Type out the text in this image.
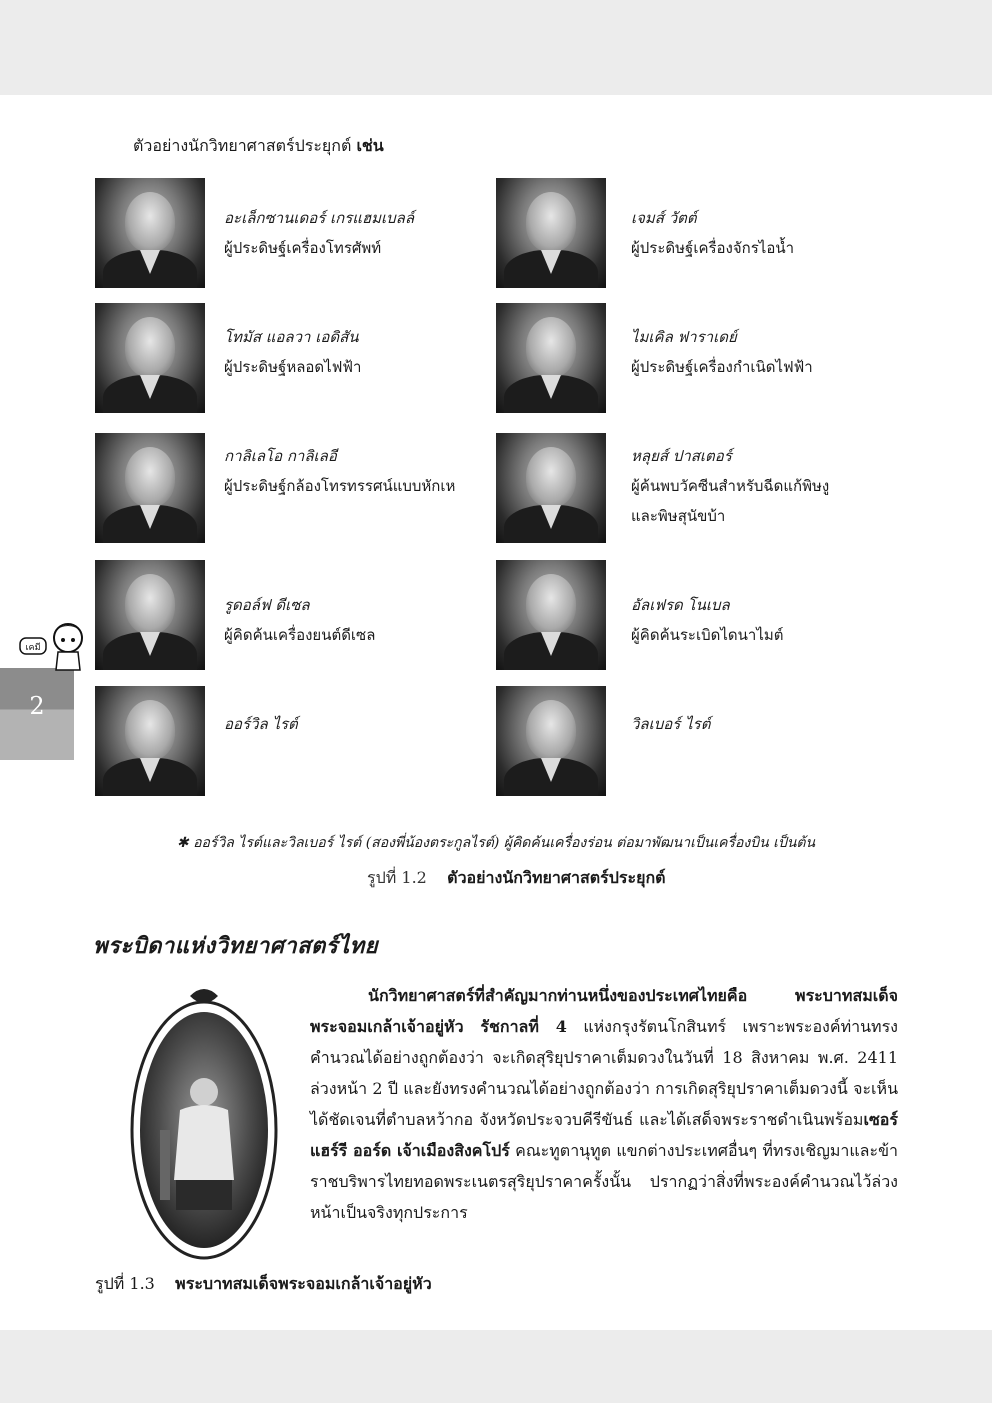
ตัวอย่างนักวิทยาศาสตร์ประยุกต์ เช่น
อะเล็กซานเดอร์ เกรแฮมเบลล์
ผู้ประดิษฐ์เครื่องโทรศัพท์
เจมส์ วัตต์
ผู้ประดิษฐ์เครื่องจักรไอน้ำ
โทมัส แอลวา เอดิสัน
ผู้ประดิษฐ์หลอดไฟฟ้า
ไมเคิล ฟาราเดย์
ผู้ประดิษฐ์เครื่องกำเนิดไฟฟ้า
กาลิเลโอ กาลิเลอี
ผู้ประดิษฐ์กล้องโทรทรรศน์แบบหักเห
หลุยส์ ปาสเตอร์
ผู้ค้นพบวัคซีนสำหรับฉีดแก้พิษงู
และพิษสุนัขบ้า
รูดอล์ฟ ดีเซล
ผู้คิดค้นเครื่องยนต์ดีเซล
อัลเฟรด โนเบล
ผู้คิดค้นระเบิดไดนาไมต์
ออร์วิล ไรต์	วิลเบอร์ ไรต์
2
เคมี
✱ ออร์วิล ไรต์และวิลเบอร์ ไรต์ (สองพี่น้องตระกูลไรต์) ผู้คิดค้นเครื่องร่อน ต่อมาพัฒนาเป็นเครื่องบิน เป็นต้น
รูปที่ 1.2 ตัวอย่างนักวิทยาศาสตร์ประยุกต์
พระบิดาแห่งวิทยาศาสตร์ไทย
นักวิทยาศาสตร์ที่สำคัญมากท่านหนึ่งของประเทศไทยคือ พระบาทสมเด็จพระจอมเกล้าเจ้าอยู่หัว รัชกาลที่ 4 แห่งกรุงรัตนโกสินทร์ เพราะพระองค์ท่านทรงคำนวณได้อย่างถูกต้องว่า จะเกิดสุริยุปราคาเต็มดวงในวันที่ 18 สิงหาคม พ.ศ. 2411 ล่วงหน้า 2 ปี และยังทรงคำนวณได้อย่างถูกต้องว่า การเกิดสุริยุปราคาเต็มดวงนี้ จะเห็นได้ชัดเจนที่ตำบลหว้ากอ จังหวัดประจวบคีรีขันธ์ และได้เสด็จพระราชดำเนินพร้อมเซอร์ แฮร์รี ออร์ด เจ้าเมืองสิงคโปร์ คณะทูตานุทูต แขกต่างประเทศอื่นๆ ที่ทรงเชิญมาและข้าราชบริพารไทยทอดพระเนตรสุริยุปราคาครั้งนั้น ปรากฏว่าสิ่งที่พระองค์คำนวณไว้ล่วงหน้าเป็นจริงทุกประการ
รูปที่ 1.3 พระบาทสมเด็จพระจอมเกล้าเจ้าอยู่หัว
